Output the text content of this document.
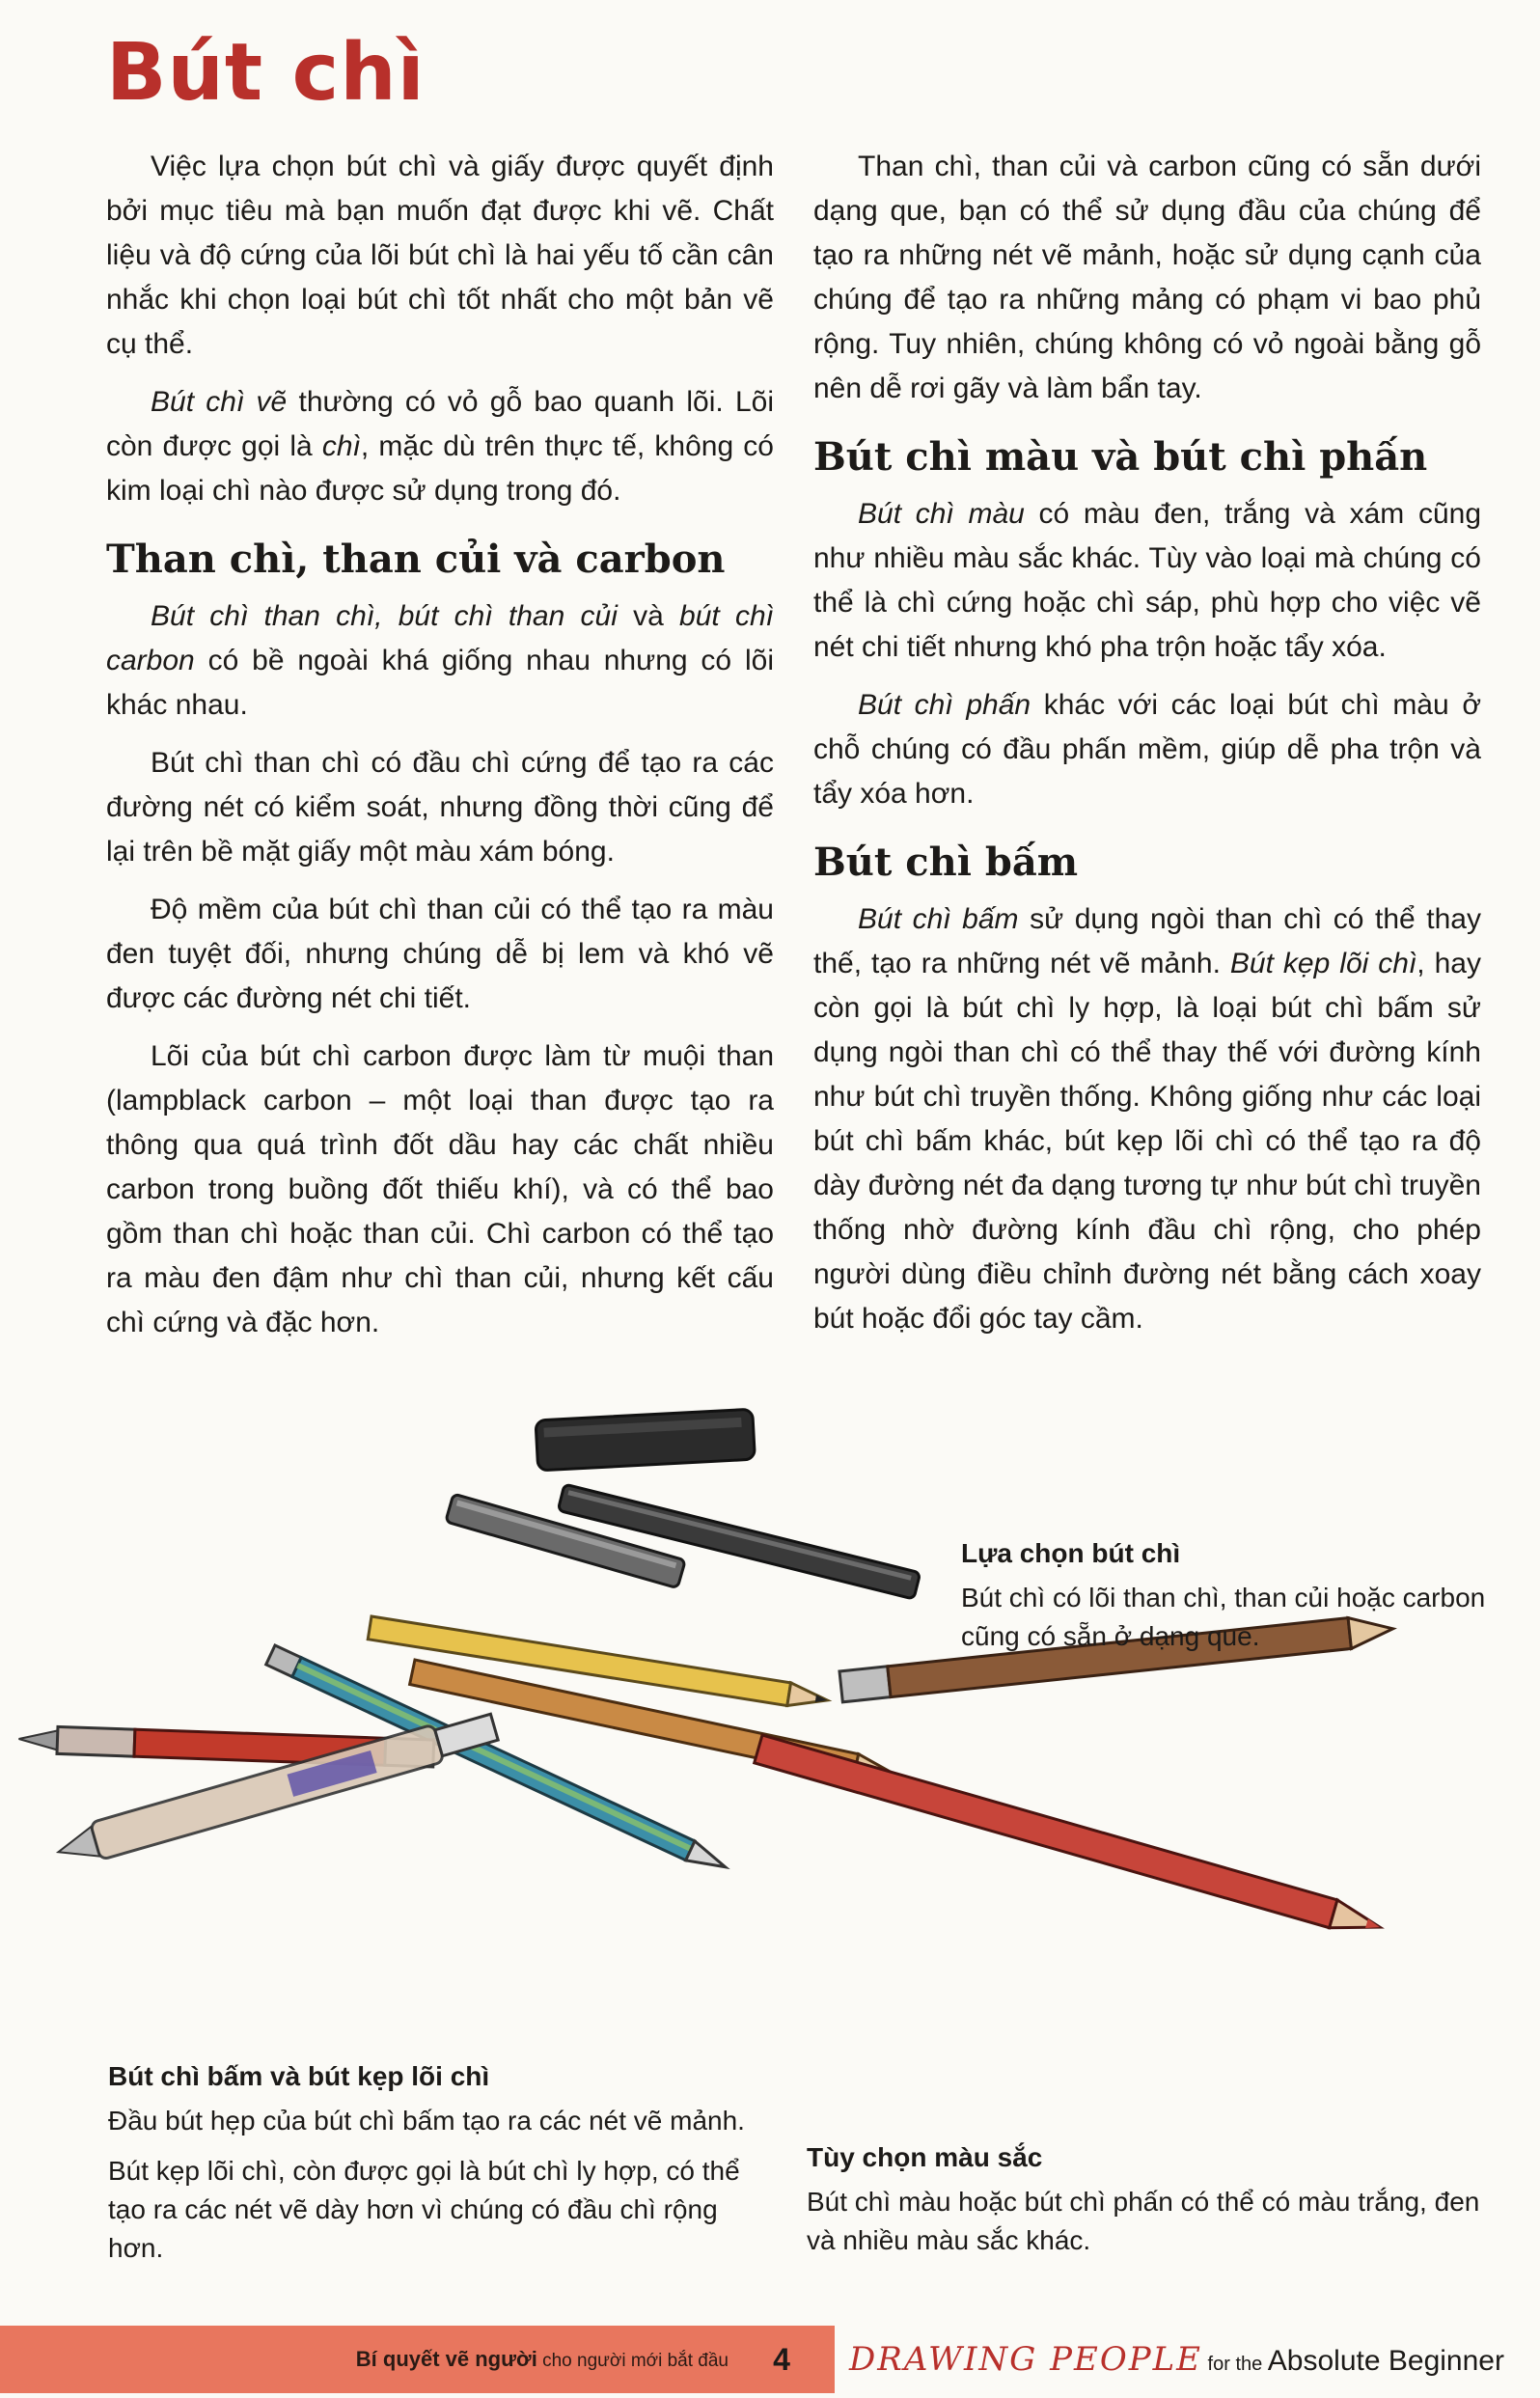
Bút chì

Việc lựa chọn bút chì và giấy được quyết định bởi mục tiêu mà bạn muốn đạt được khi vẽ. Chất liệu và độ cứng của lõi bút chì là hai yếu tố cần cân nhắc khi chọn loại bút chì tốt nhất cho một bản vẽ cụ thể.

Bút chì vẽ thường có vỏ gỗ bao quanh lõi. Lõi còn được gọi là chì, mặc dù trên thực tế, không có kim loại chì nào được sử dụng trong đó.

Than chì, than củi và carbon

Bút chì than chì, bút chì than củi và bút chì carbon có bề ngoài khá giống nhau nhưng có lõi khác nhau.

Bút chì than chì có đầu chì cứng để tạo ra các đường nét có kiểm soát, nhưng đồng thời cũng để lại trên bề mặt giấy một màu xám bóng.

Độ mềm của bút chì than củi có thể tạo ra màu đen tuyệt đối, nhưng chúng dễ bị lem và khó vẽ được các đường nét chi tiết.

Lõi của bút chì carbon được làm từ muội than (lampblack carbon – một loại than được tạo ra thông qua quá trình đốt dầu hay các chất nhiều carbon trong buồng đốt thiếu khí), và có thể bao gồm than chì hoặc than củi. Chì carbon có thể tạo ra màu đen đậm như chì than củi, nhưng kết cấu chì cứng và đặc hơn.

Than chì, than củi và carbon cũng có sẵn dưới dạng que, bạn có thể sử dụng đầu của chúng để tạo ra những nét vẽ mảnh, hoặc sử dụng cạnh của chúng để tạo ra những mảng có phạm vi bao phủ rộng. Tuy nhiên, chúng không có vỏ ngoài bằng gỗ nên dễ rơi gãy và làm bẩn tay.

Bút chì màu và bút chì phấn

Bút chì màu có màu đen, trắng và xám cũng như nhiều màu sắc khác. Tùy vào loại mà chúng có thể là chì cứng hoặc chì sáp, phù hợp cho việc vẽ nét chi tiết nhưng khó pha trộn hoặc tẩy xóa.

Bút chì phấn khác với các loại bút chì màu ở chỗ chúng có đầu phấn mềm, giúp dễ pha trộn và tẩy xóa hơn.

Bút chì bấm

Bút chì bấm sử dụng ngòi than chì có thể thay thế, tạo ra những nét vẽ mảnh. Bút kẹp lõi chì, hay còn gọi là bút chì ly hợp, là loại bút chì bấm sử dụng ngòi than chì có thể thay thế với đường kính như bút chì truyền thống. Không giống như các loại bút chì bấm khác, bút kẹp lõi chì có thể tạo ra độ dày đường nét đa dạng tương tự như bút chì truyền thống nhờ đường kính đầu chì rộng, cho phép người dùng điều chỉnh đường nét bằng cách xoay bút hoặc đổi góc tay cầm.

Lựa chọn bút chì

Bút chì có lõi than chì, than củi hoặc carbon cũng có sẵn ở dạng que.

Bút chì bấm và bút kẹp lõi chì

Đầu bút hẹp của bút chì bấm tạo ra các nét vẽ mảnh.

Bút kẹp lõi chì, còn được gọi là bút chì ly hợp, có thể tạo ra các nét vẽ dày hơn vì chúng có đầu chì rộng hơn.

Tùy chọn màu sắc

Bút chì màu hoặc bút chì phấn có thể có màu trắng, đen và nhiều màu sắc khác.

Bí quyết vẽ người cho người mới bắt đầu	4	DRAWING PEOPLE for the Absolute Beginner
